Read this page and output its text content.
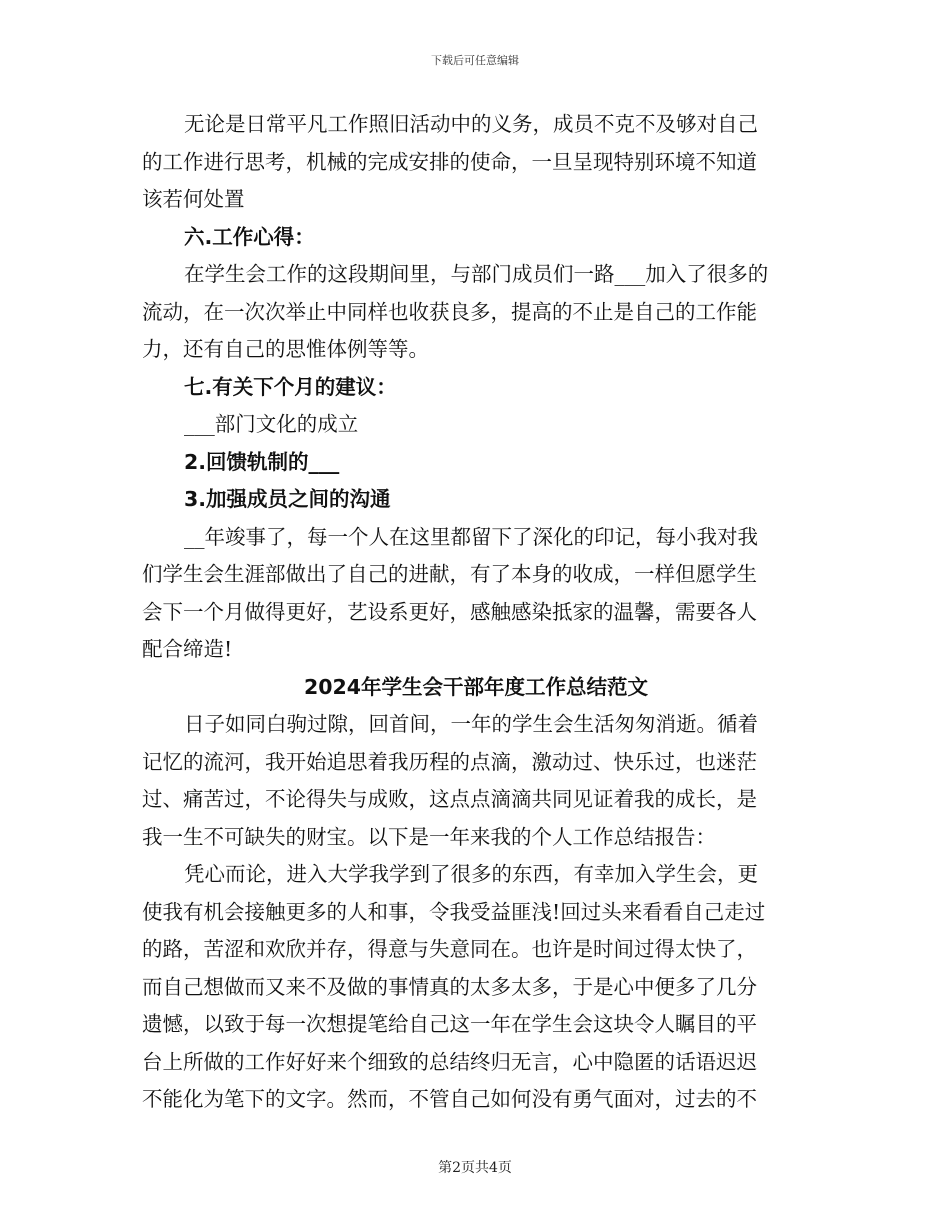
下载后可任意编辑
无论是日常平凡工作照旧活动中的义务，成员不克不及够对自己
的工作进行思考，机械的完成安排的使命，一旦呈现特别环境不知道
该若何处置
六.工作心得：
在学生会工作的这段期间里，与部门成员们一路___加入了很多的
流动，在一次次举止中同样也收获良多，提高的不止是自己的工作能
力，还有自己的思惟体例等等。
七.有关下个月的建议：
___部门文化的成立
2.回馈轨制的___
3.加强成员之间的沟通
__年竣事了，每一个人在这里都留下了深化的印记，每小我对我
们学生会生涯部做出了自己的进献，有了本身的收成，一样但愿学生
会下一个月做得更好，艺设系更好，感触感染抵家的温馨，需要各人
配合缔造!
2024年学生会干部年度工作总结范文
日子如同白驹过隙，回首间，一年的学生会生活匆匆消逝。循着
记忆的流河，我开始追思着我历程的点滴，激动过、快乐过，也迷茫
过、痛苦过，不论得失与成败，这点点滴滴共同见证着我的成长，是
我一生不可缺失的财宝。以下是一年来我的个人工作总结报告：
凭心而论，进入大学我学到了很多的东西，有幸加入学生会，更
使我有机会接触更多的人和事，令我受益匪浅!回过头来看看自己走过
的路，苦涩和欢欣并存，得意与失意同在。也许是时间过得太快了，
而自己想做而又来不及做的事情真的太多太多，于是心中便多了几分
遗憾，以致于每一次想提笔给自己这一年在学生会这块令人瞩目的平
台上所做的工作好好来个细致的总结终归无言，心中隐匿的话语迟迟
不能化为笔下的文字。然而，不管自己如何没有勇气面对，过去的不
第2页共4页
